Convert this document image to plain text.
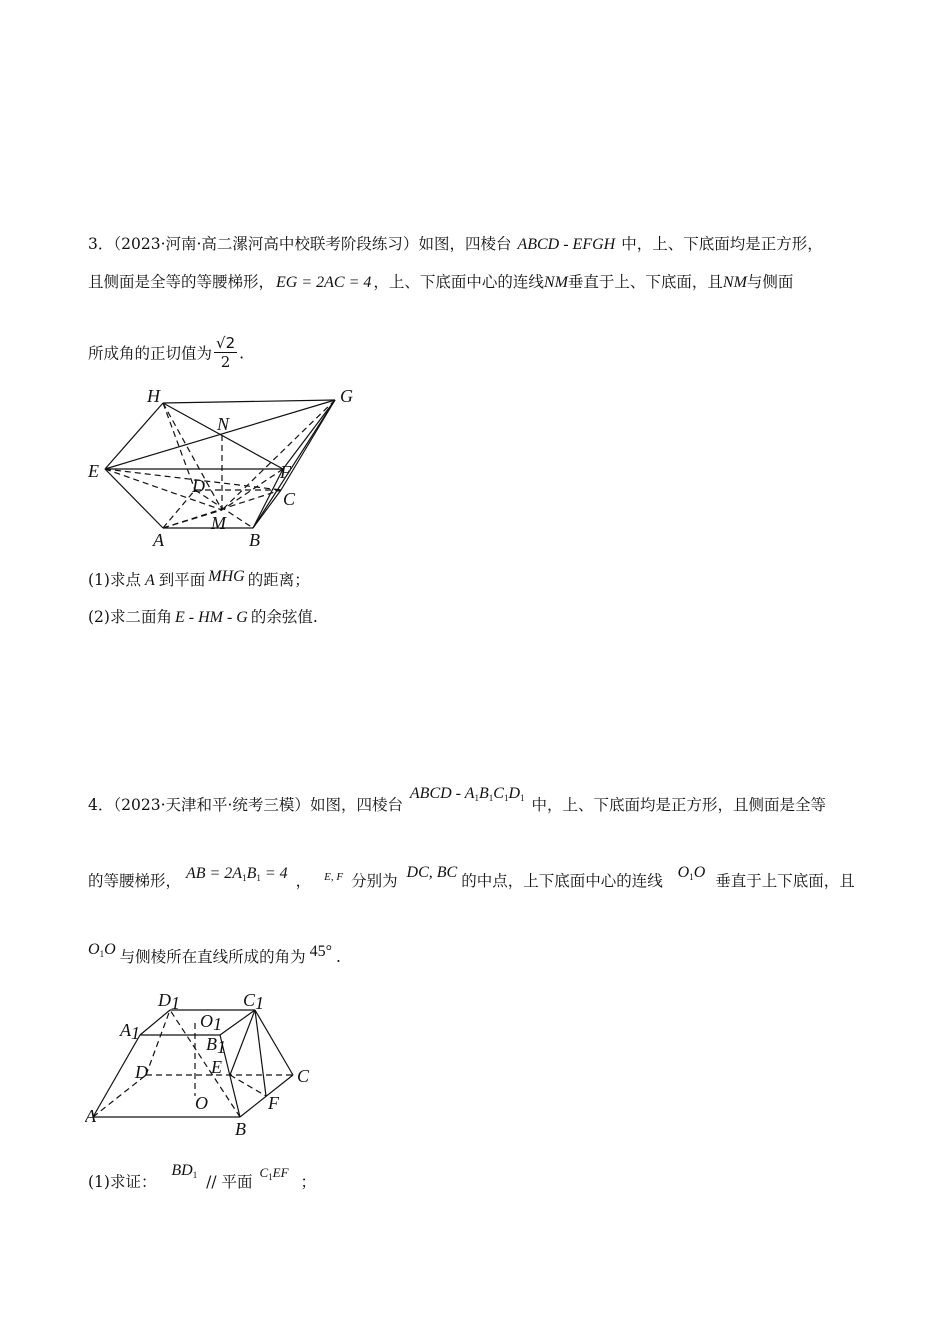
3．（2023·河南·高二漯河高中校联考阶段练习）如图，四棱台 ABCD - EFGH 中，上、下底面均是正方形，
且侧面是全等的等腰梯形， EG = 2AC = 4 ，上、下底面中心的连线NM垂直于上、下底面，且NM与侧面
所成角的正切值为 $\frac{√2}{2}$ .
H	G
N
E	F
D
C
M
A	B
(1)求点 A 到平面 MHG 的距离；
(2)求二面角 E - HM - G 的余弦值.
4．（2023·天津和平·统考三模）如图，四棱台 ABCD - $A_1B_1C_1D_1$ 中，上、下底面均是正方形，且侧面是全等
的等腰梯形， AB = $2A_1B_1 = 4$ ， $^{E, F}$ 分别为 DC, BC 的中点，上下底面中心的连线 $O_1O$ 垂直于上下底面，且
$O_1O$ 与侧棱所在直线所成的角为 45° .
D1	C1
A1
O1
B1
D	E	C
O	F
A
B
(1)求证： $BD_1$ // 平面 $^{C_1EF}$；
